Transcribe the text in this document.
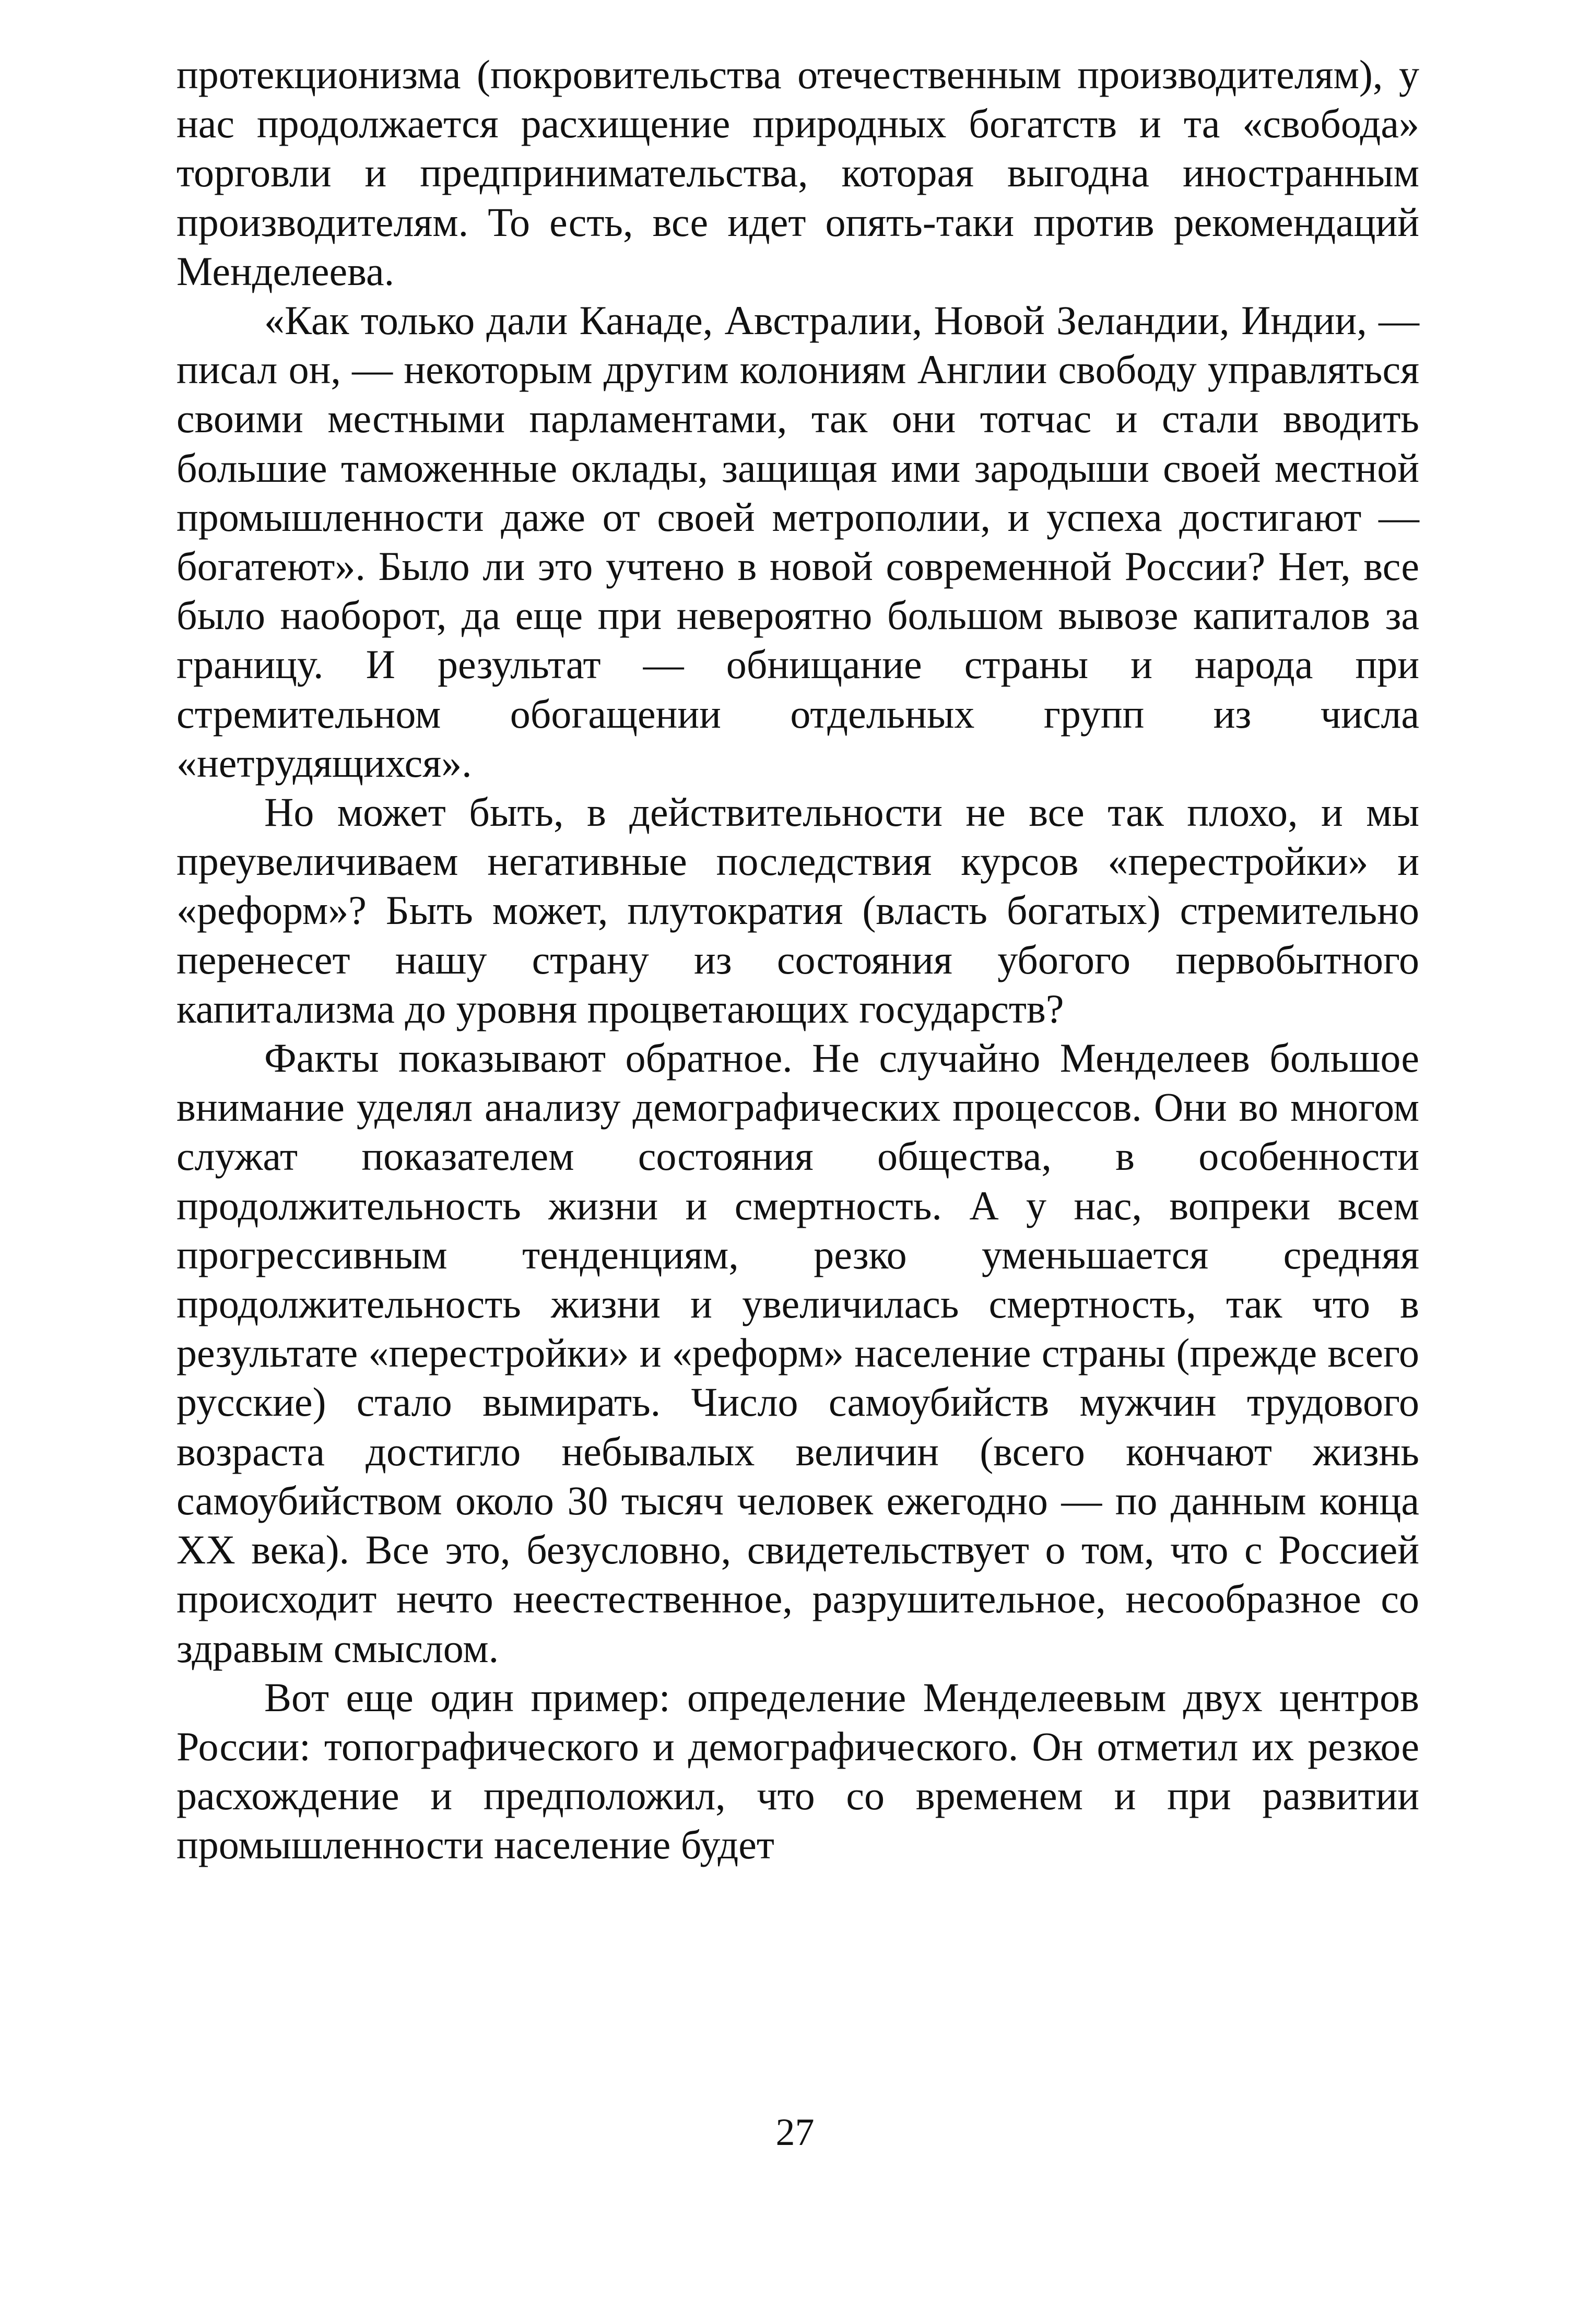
протекционизма (покровительства отечественным производителям), у нас продолжается расхищение природных богатств и та «свобода» торговли и предпринимательства, которая выгодна иностранным производителям. То есть, все идет опять-таки против рекомендаций Менделеева.

«Как только дали Канаде, Австралии, Новой Зеландии, Индии, — писал он, — некоторым другим колониям Англии свободу управляться своими местными парламентами, так они тотчас и стали вводить большие таможенные оклады, защищая ими зародыши своей местной промышленности даже от своей метрополии, и успеха достигают — богатеют». Было ли это учтено в новой современной России? Нет, все было наоборот, да еще при невероятно большом вывозе капиталов за границу. И результат — обнищание страны и народа при стремительном обогащении отдельных групп из числа «нетрудящихся».

Но может быть, в действительности не все так плохо, и мы преувеличиваем негативные последствия курсов «перестройки» и «реформ»? Быть может, плутократия (власть богатых) стремительно перенесет нашу страну из состояния убогого первобытного капитализма до уровня процветающих государств?

Факты показывают обратное. Не случайно Менделеев большое внимание уделял анализу демографических процессов. Они во многом служат показателем состояния общества, в особенности продолжительность жизни и смертность. А у нас, вопреки всем прогрессивным тенденциям, резко уменьшается средняя продолжительность жизни и увеличилась смертность, так что в результате «перестройки» и «реформ» население страны (прежде всего русские) стало вымирать. Число самоубийств мужчин трудового возраста достигло небывалых величин (всего кончают жизнь самоубийством около 30 тысяч человек ежегодно — по данным конца XX века). Все это, безусловно, свидетельствует о том, что с Россией происходит нечто неестественное, разрушительное, несообразное со здравым смыслом.

Вот еще один пример: определение Менделеевым двух центров России: топографического и демографического. Он отметил их резкое расхождение и предположил, что со временем и при развитии промышленности население будет

27
